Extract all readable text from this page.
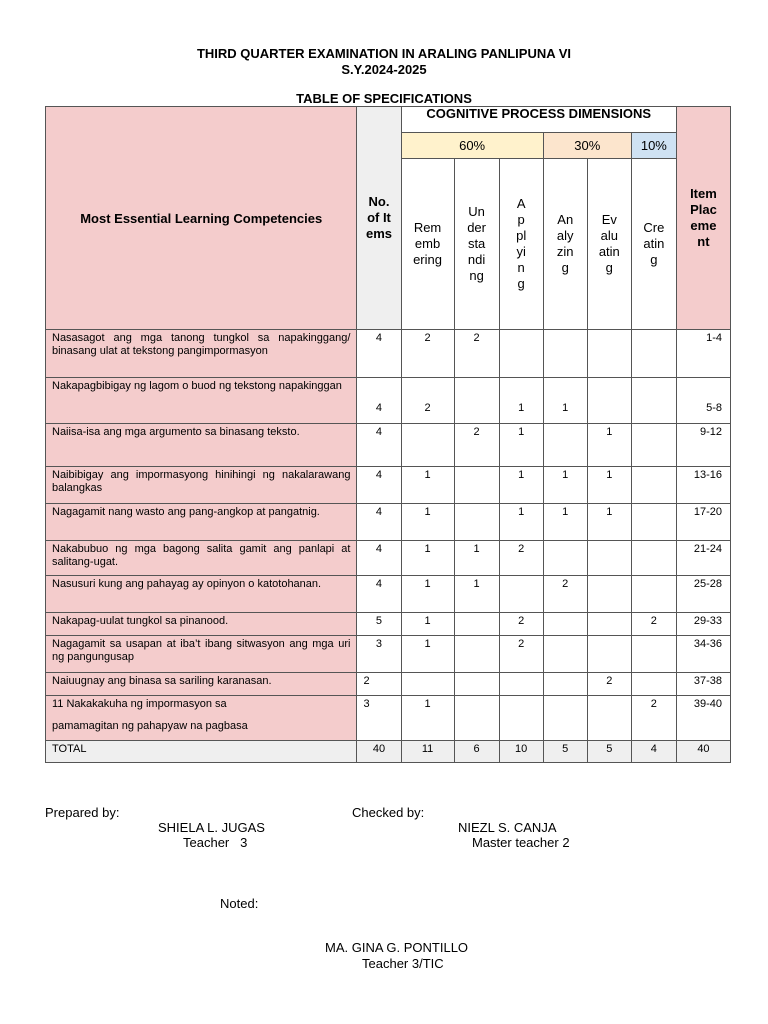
THIRD QUARTER EXAMINATION IN ARALING PANLIPUNA VI
S.Y.2024-2025
TABLE OF SPECIFICATIONS
Most Essential Learning Competencies	No. of Items	COGNITIVE PROCESS DIMENSIONS						Item Placement

		60%			30%		10%	

		Remembering	Understanding	Applying	Analyzing	Evaluating	Creating	

Nasasagot ang mga tanong tungkol sa napakinggang/ binasang ulat at tekstong pangimpormasyon	4	2	2					1-4
Nakapagbibigay ng lagom o buod ng tekstong napakinggan	4	2		1	1			5-8
Naiisa-isa ang mga argumento sa binasang teksto.	4		2	1		1		9-12
Naibibigay ang impormasyong hinihingi ng nakalarawang balangkas	4	1		1	1	1		13-16
Nagagamit nang wasto ang pang-angkop at pangatnig.	4	1		1	1	1		17-20
Nakabubuo ng mga bagong salita gamit ang panlapi at salitang-ugat.	4	1	1	2				21-24
Nasusuri kung ang pahayag ay opinyon o katotohanan.	4	1	1		2			25-28
Nakapag-uulat tungkol sa pinanood.	5	1		2			2	29-33
Nagagamit sa usapan at iba’t ibang sitwasyon ang mga uri ng pangungusap	3	1		2				34-36
Naiuugnay ang binasa sa sariling karanasan.	2					2		37-38

11 Nakakakuha ng impormasyon sa
pamamagitan ng pahapyaw na pagbasa	3	1					2	39-40
TOTAL	40	11	6	10	5	5	4	40
Prepared by:
SHIELA L. JUGAS
Teacher   3
Checked by:
NIEZL S. CANJA
Master teacher 2
Noted:
MA. GINA G. PONTILLO
Teacher 3/TIC
